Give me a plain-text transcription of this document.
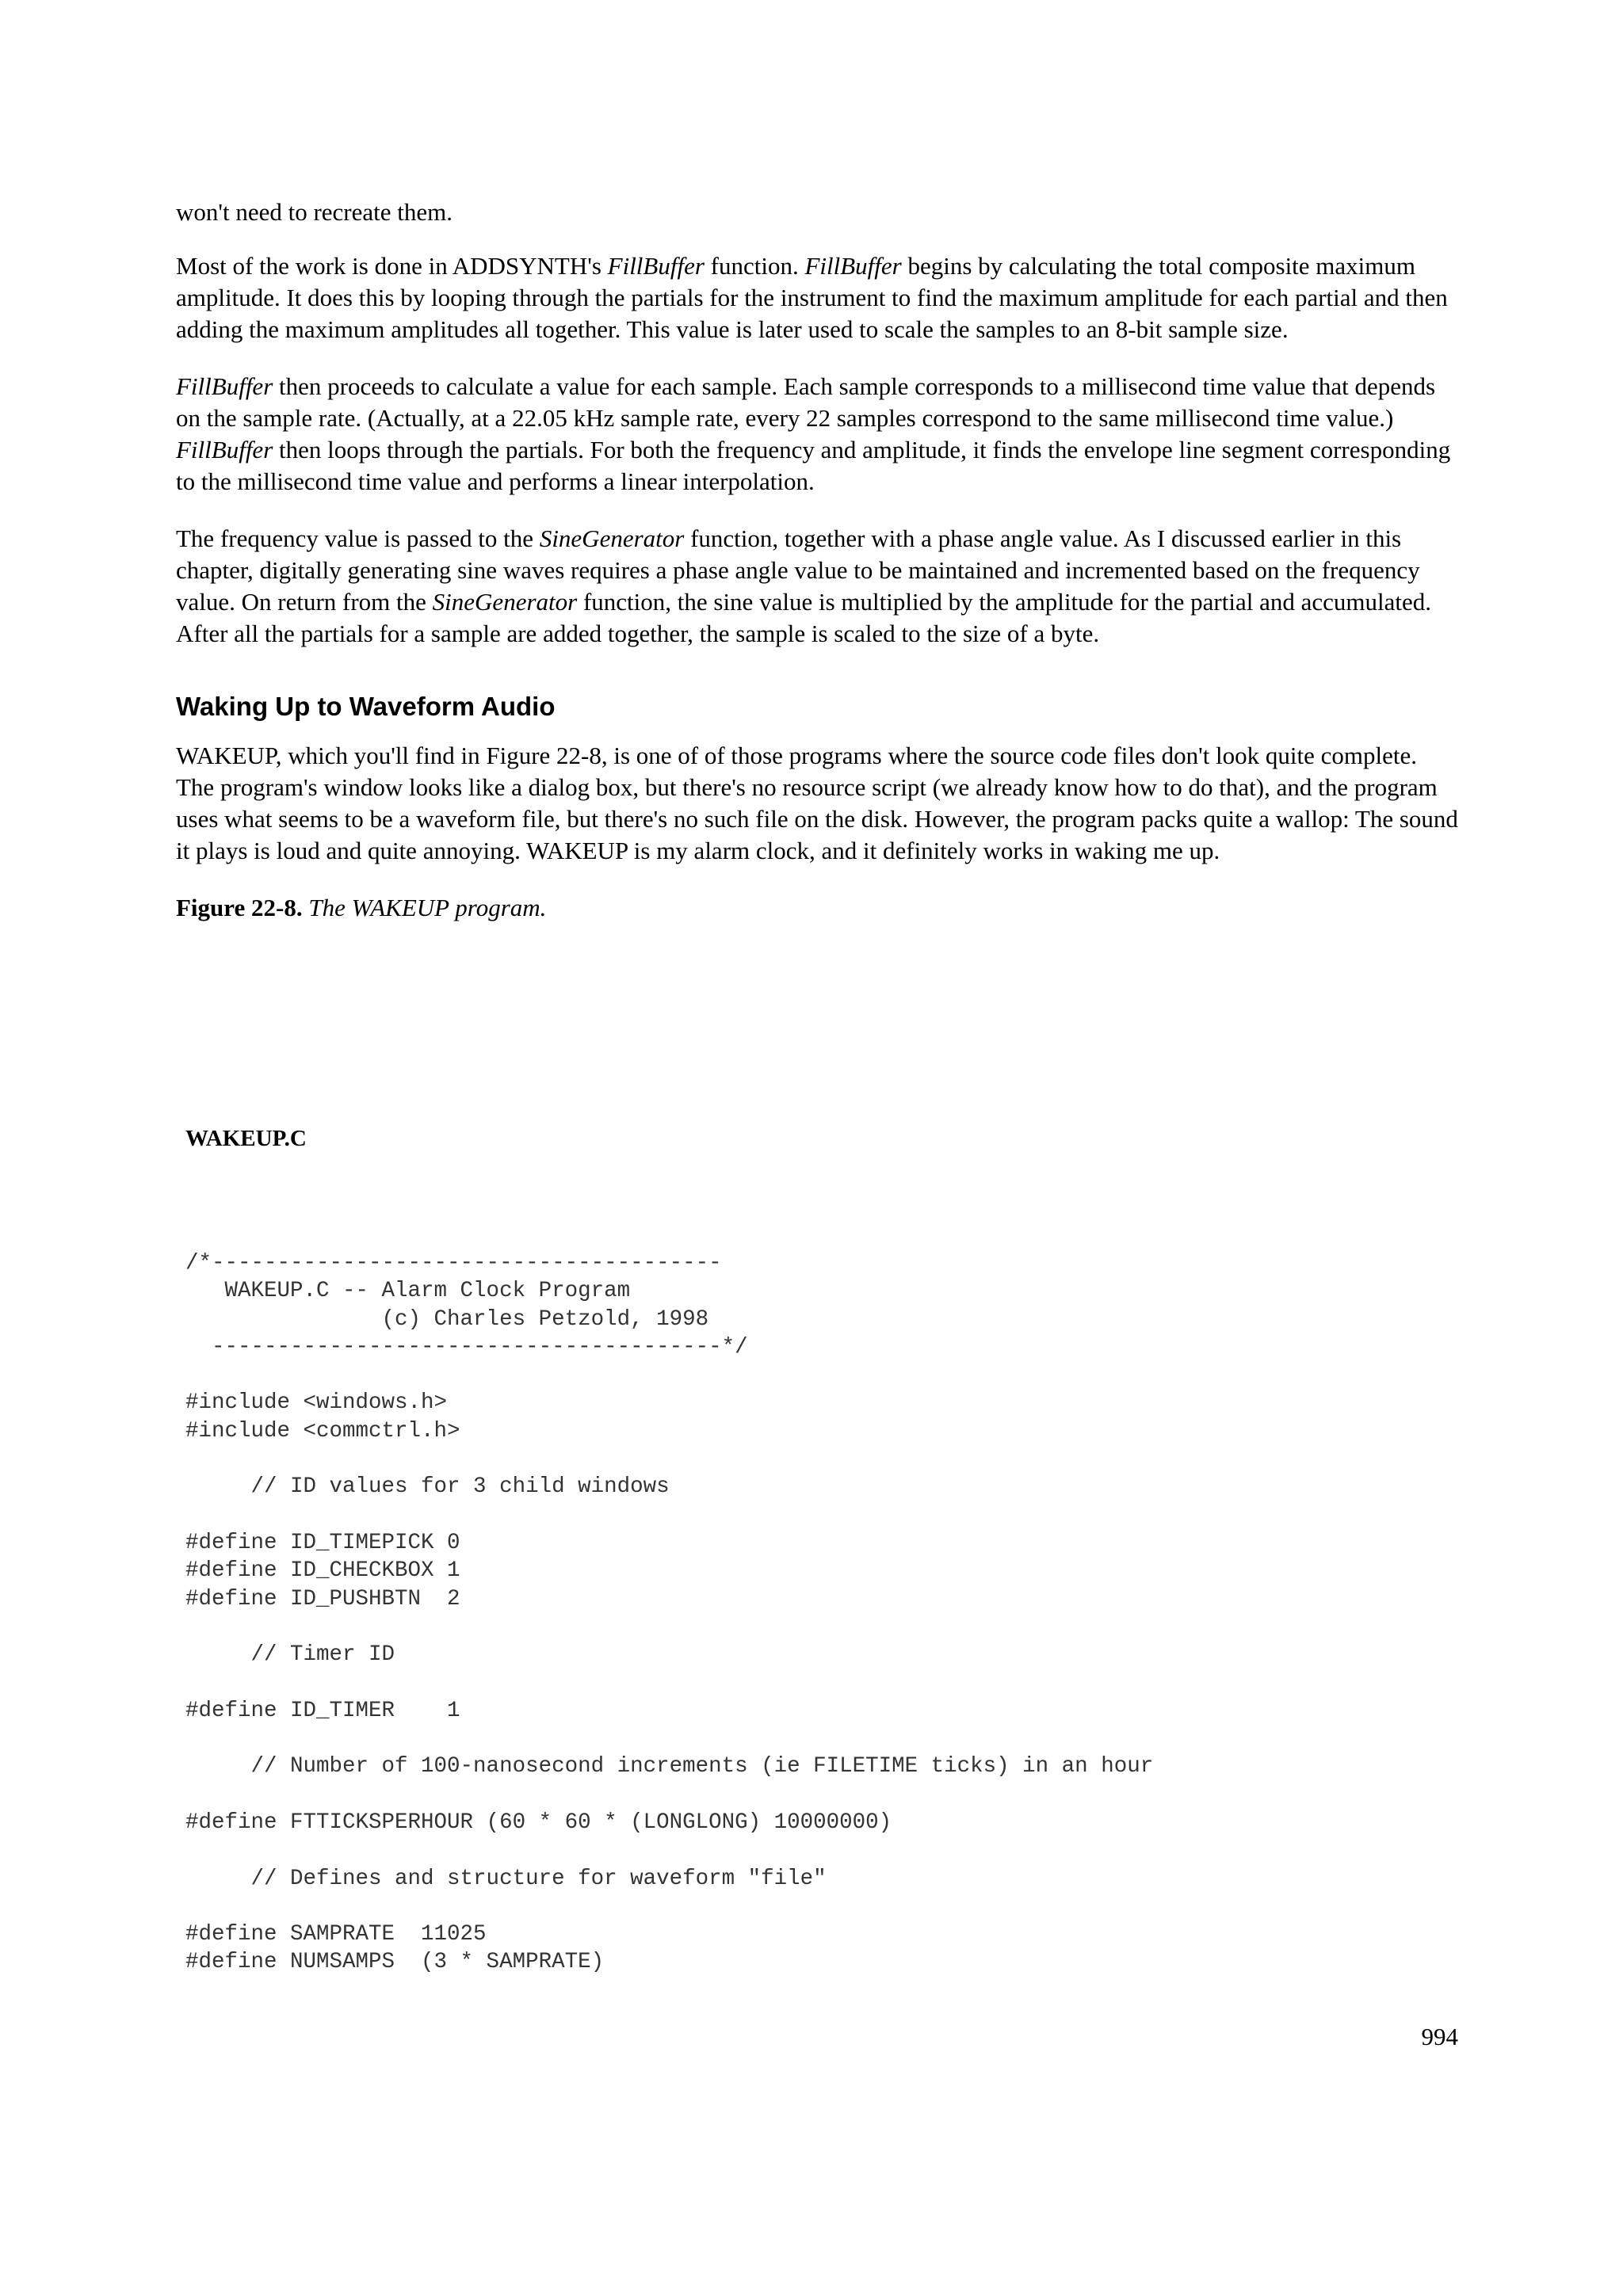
won't need to recreate them.

Most of the work is done in ADDSYNTH's FillBuffer function. FillBuffer begins by calculating the total composite maximum amplitude. It does this by looping through the partials for the instrument to find the maximum amplitude for each partial and then adding the maximum amplitudes all together. This value is later used to scale the samples to an 8-bit sample size.

FillBuffer then proceeds to calculate a value for each sample. Each sample corresponds to a millisecond time value that depends on the sample rate. (Actually, at a 22.05 kHz sample rate, every 22 samples correspond to the same millisecond time value.) FillBuffer then loops through the partials. For both the frequency and amplitude, it finds the envelope line segment corresponding to the millisecond time value and performs a linear interpolation.

The frequency value is passed to the SineGenerator function, together with a phase angle value. As I discussed earlier in this chapter, digitally generating sine waves requires a phase angle value to be maintained and incremented based on the frequency value. On return from the SineGenerator function, the sine value is multiplied by the amplitude for the partial and accumulated. After all the partials for a sample are added together, the sample is scaled to the size of a byte.

Waking Up to Waveform Audio

WAKEUP, which you'll find in Figure 22-8, is one of of those programs where the source code files don't look quite complete. The program's window looks like a dialog box, but there's no resource script (we already know how to do that), and the program uses what seems to be a waveform file, but there's no such file on the disk. However, the program packs quite a wallop: The sound it plays is loud and quite annoying. WAKEUP is my alarm clock, and it definitely works in waking me up.

Figure 22-8. The WAKEUP program.

WAKEUP.C
/*---------------------------------------
WAKEUP.C -- Alarm Clock Program
(c) Charles Petzold, 1998
---------------------------------------*/
#include <windows.h>
#include <commctrl.h>
// ID values for 3 child windows
#define ID_TIMEPICK 0
#define ID_CHECKBOX 1
#define ID_PUSHBTN  2
// Timer ID
#define ID_TIMER    1
// Number of 100-nanosecond increments (ie FILETIME ticks) in an hour
#define FTTICKSPERHOUR (60 * 60 * (LONGLONG) 10000000)
// Defines and structure for waveform "file"
#define SAMPRATE  11025
#define NUMSAMPS  (3 * SAMPRATE)
994
